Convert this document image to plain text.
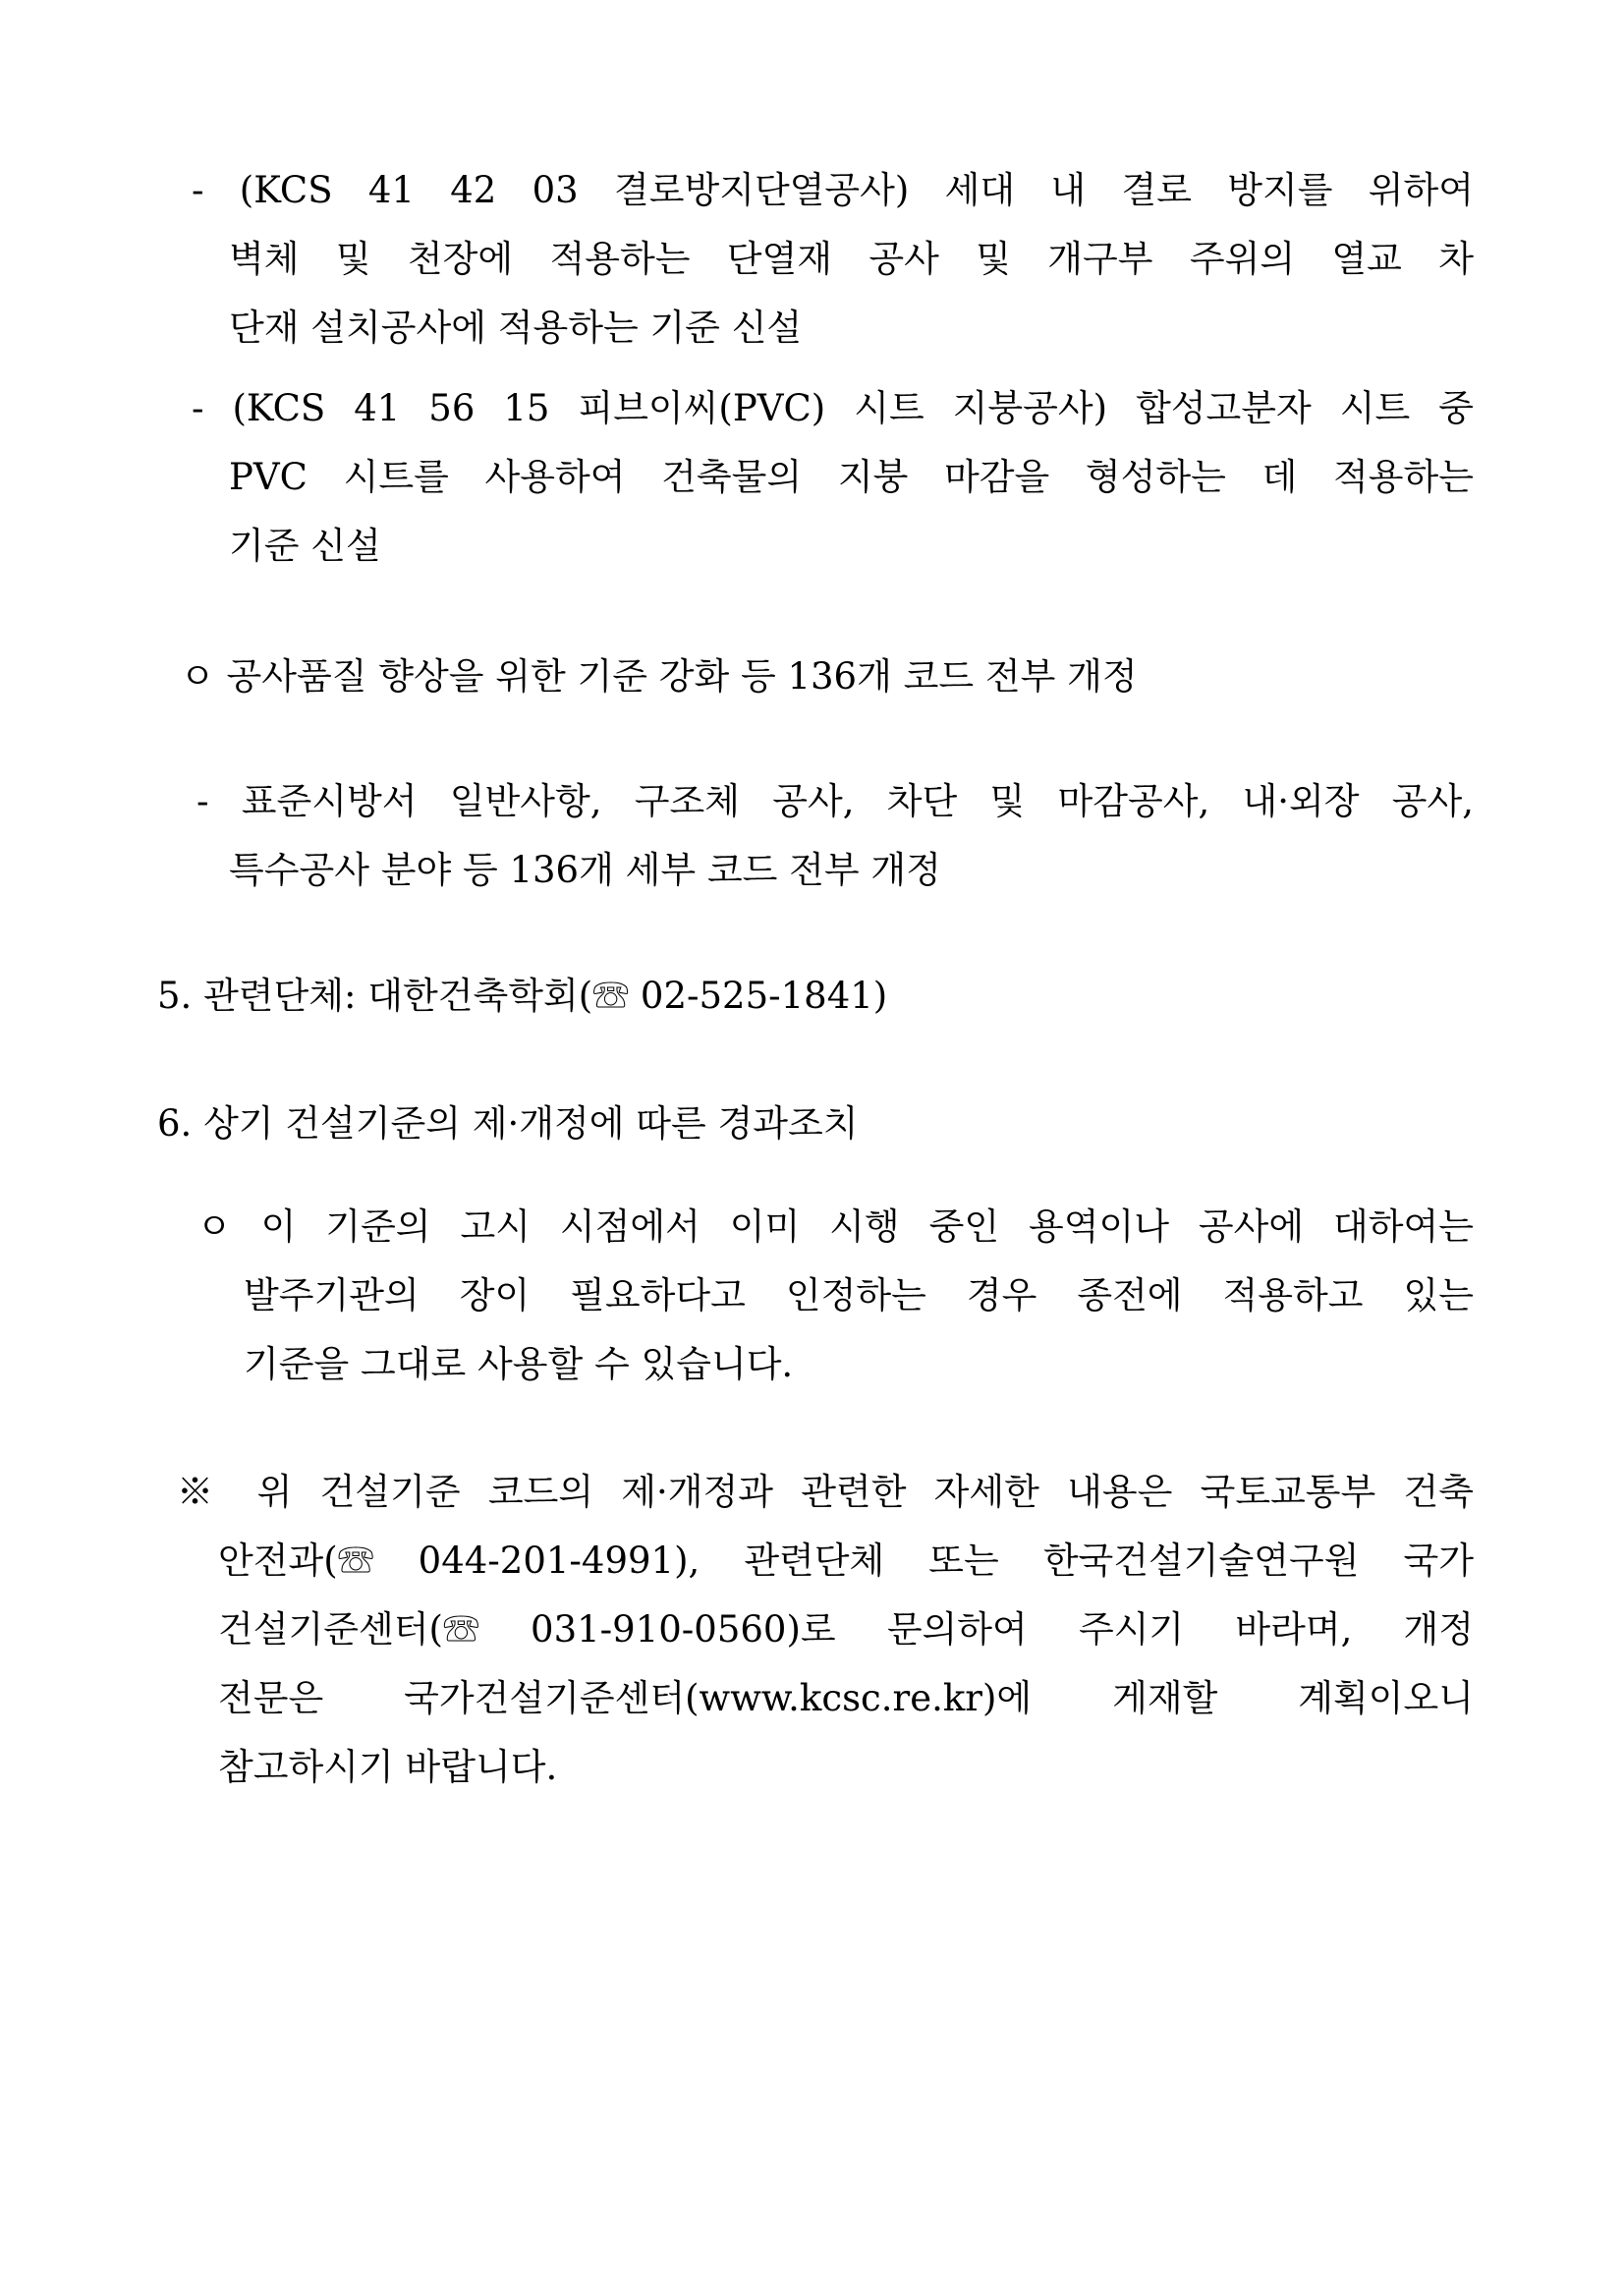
- (KCS 41 42 03 결로방지단열공사) 세대 내 결로 방지를 위하여
벽체 및 천장에 적용하는 단열재 공사 및 개구부 주위의 열교 차
단재 설치공사에 적용하는 기준 신설
- (KCS 41 56 15 피브이씨(PVC) 시트 지붕공사) 합성고분자 시트 중
PVC 시트를 사용하여 건축물의 지붕 마감을 형성하는 데 적용하는
기준 신설
ㅇ 공사품질 향상을 위한 기준 강화 등 136개 코드 전부 개정
- 표준시방서 일반사항, 구조체 공사, 차단 및 마감공사, 내·외장 공사,
특수공사 분야 등 136개 세부 코드 전부 개정
5. 관련단체: 대한건축학회(☏ 02-525-1841)
6. 상기 건설기준의 제·개정에 따른 경과조치
ㅇ 이 기준의 고시 시점에서 이미 시행 중인 용역이나 공사에 대하여는
발주기관의 장이 필요하다고 인정하는 경우 종전에 적용하고 있는
기준을 그대로 사용할 수 있습니다.
※ 위 건설기준 코드의 제·개정과 관련한 자세한 내용은 국토교통부 건축
안전과(☏ 044-201-4991), 관련단체 또는 한국건설기술연구원 국가
건설기준센터(☏ 031-910-0560)로 문의하여 주시기 바라며, 개정
전문은 국가건설기준센터(www.kcsc.re.kr)에 게재할 계획이오니
참고하시기 바랍니다.
